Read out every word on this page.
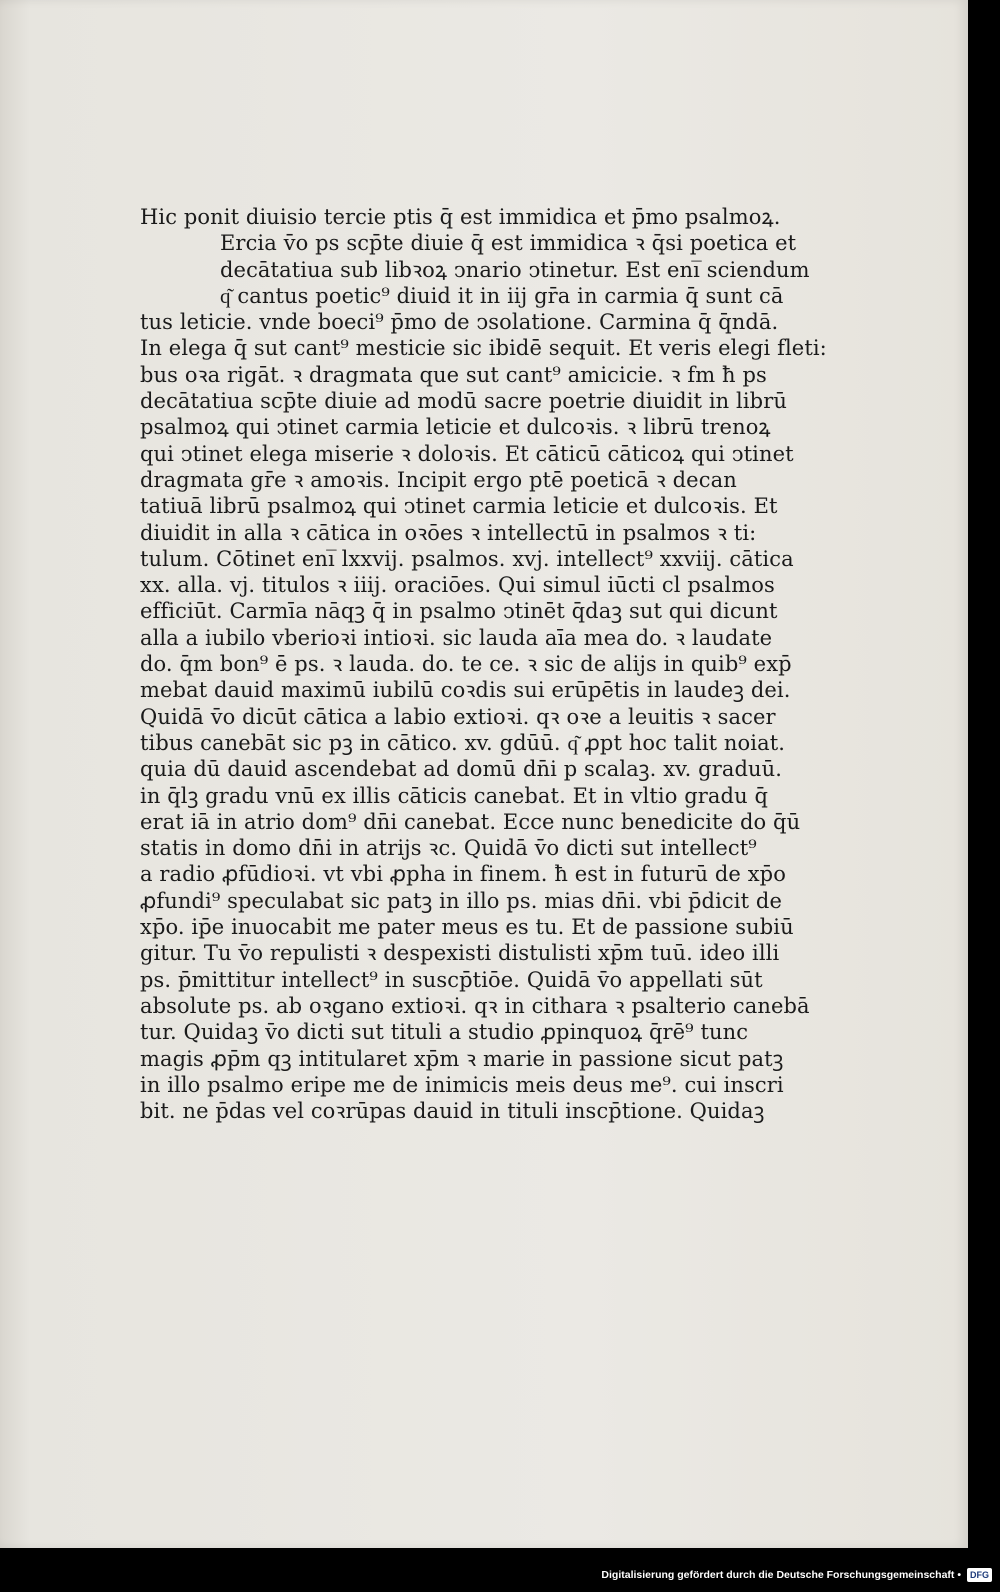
Hic ponit diuisio tercie ptis q̄ est immidica et p̄mo psalmoꝝ.
Ercia v̄o ps scp̄te diuie q̄ est immidica ꝛ q̄si poetica et
decātatiua sub libꝛoꝝ ↄnario ↄtinetur. Est eni̅ sciendum
q͂ cantus poetic⁹ diuid it in iij gr̄a in carmia q̄ sunt cā
tus leticie. vnde boeci⁹ p̄mo de ↄsolatione. Carmina q̄ q̄ndā.
In elega q̄ sut cant⁹ mesticie sic ibidē sequit. Et veris elegi fleti:
bus oꝛa rigāt. ꝛ dragmata que sut cant⁹ amicicie. ꝛ fm ħ ps
decātatiua scp̄te diuie ad modū sacre poetrie diuidit in librū
psalmoꝝ qui ↄtinet carmia leticie et dulcoꝛis. ꝛ librū trenoꝝ
qui ↄtinet elega miserie ꝛ doloꝛis. Et cāticū cāticoꝝ qui ↄtinet
dragmata gr̄e ꝛ amoꝛis. Incipit ergo ptē poeticā ꝛ decan
tatiuā librū psalmoꝝ qui ↄtinet carmia leticie et dulcoꝛis. Et
diuidit in alla ꝛ cātica in oꝛōes ꝛ intellectū in psalmos ꝛ ti:
tulum. Cōtinet eni̅ lxxvij. psalmos. xvj. intellect⁹ xxviij. cātica
xx. alla. vj. titulos ꝛ iiij. oraciōes. Qui simul iūcti cl psalmos
efficiūt. Carmīa nāqꝫ q̄ in psalmo ↄtinēt q̄daꝫ sut qui dicunt
alla a iubilo vberioꝛi intioꝛi. sic lauda aīa mea do. ꝛ laudate
do. q̄m bon⁹ ē ps. ꝛ lauda. do. te ce. ꝛ sic de alijs in quib⁹ exp̄
mebat dauid maximū iubilū coꝛdis sui erūpētis in laudeꝫ dei.
Quidā v̄o dicūt cātica a labio extioꝛi. qꝛ oꝛe a leuitis ꝛ sacer
tibus canebāt sic pꝫ in cātico. xv. gdūū. q͂ ꝓpt hoc talit noiat.
quia dū dauid ascendebat ad domū dn̄i p scalaꝫ. xv. graduū.
in q̄lꝫ gradu vnū ex illis cāticis canebat. Et in vltio gradu q̄
erat iā in atrio dom⁹ dn̄i canebat. Ecce nunc benedicite do q̄ū
statis in domo dn̄i in atrijs ꝛc. Quidā v̄o dicti sut intellect⁹
a radio ꝓfūdioꝛi. vt vbi ꝓpha in finem. ħ est in futurū de xp̄o
ꝓfundi⁹ speculabat sic patꝫ in illo ps. mias dn̄i. vbi p̄dicit de
xp̄o. ip̄e inuocabit me pater meus es tu. Et de passione subiū
gitur. Tu v̄o repulisti ꝛ despexisti distulisti xp̄m tuū. ideo illi
ps. p̄mittitur intellect⁹ in suscp̄tiōe. Quidā v̄o appellati sūt
absolute ps. ab oꝛgano extioꝛi. qꝛ in cithara ꝛ psalterio canebā
tur. Quidaꝫ v̄o dicti sut tituli a studio ꝓpinquoꝝ q̄rē⁹ tunc
magis ꝓp̄m qꝫ intitularet xp̄m ꝛ marie in passione sicut patꝫ
in illo psalmo eripe me de inimicis meis deus me⁹. cui inscri
bit. ne p̄das vel coꝛrūpas dauid in tituli inscp̄tione. Quidaꝫ
Digitalisierung gefördert durch die Deutsche Forschungsgemeinschaft •	DFG
